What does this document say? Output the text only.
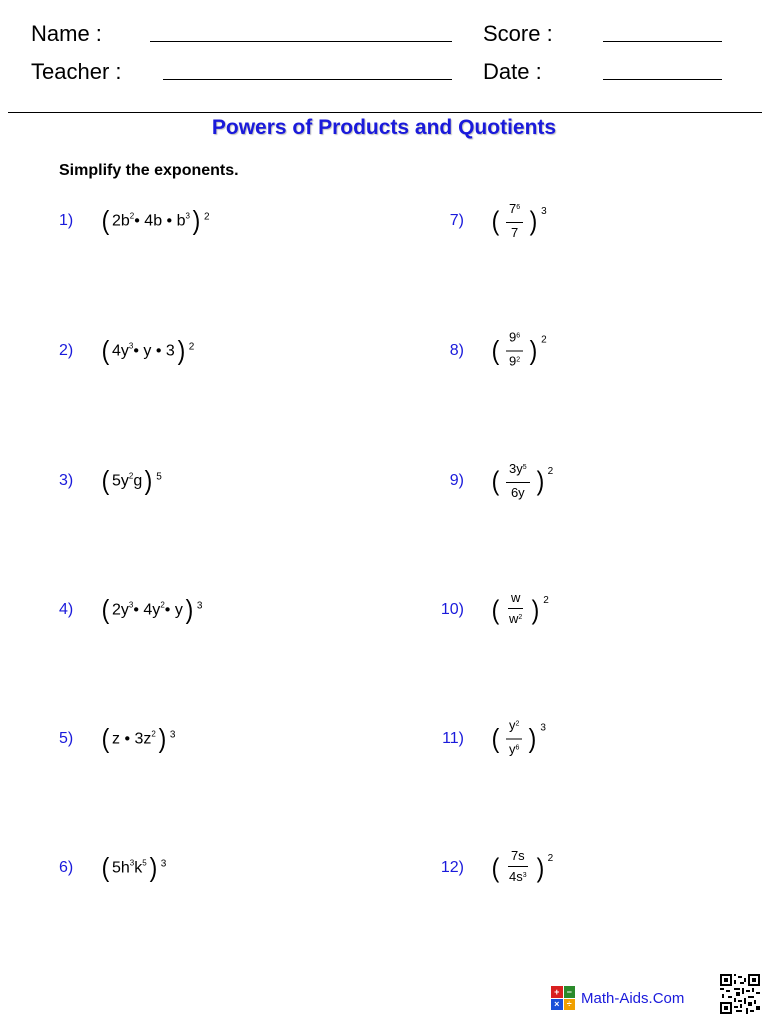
Name :	Score :
Teacher :	Date :
Powers of Products and Quotients
Simplify the exponents.
1)	( $2b^2$ • 4b • $b^3$ ) $^2$
2)	( $4y^3$ • y • 3 ) $^2$
3)	( $5y^2$ g ) $^5$
4)	( $2y^3$ • $4y^2$ • y ) $^3$
5)	( z • $3z^2$ ) $^3$
6)	( $5h^3$ $k^5$ ) $^3$
7) ( $\frac{7^6}{7}$ ) $^3$
8) ( $\frac{9^6}{9^2}$ ) $^2$
9) ( $\frac{3y^5}{6y}$ ) $^2$
10) ( $\frac{w}{w^2}$ ) $^2$
11) ( $\frac{y^2}{y^6}$ ) $^3$
12) ( $\frac{7s}{4s^3}$ ) $^2$
+ −
× ÷ Math-Aids.Com
